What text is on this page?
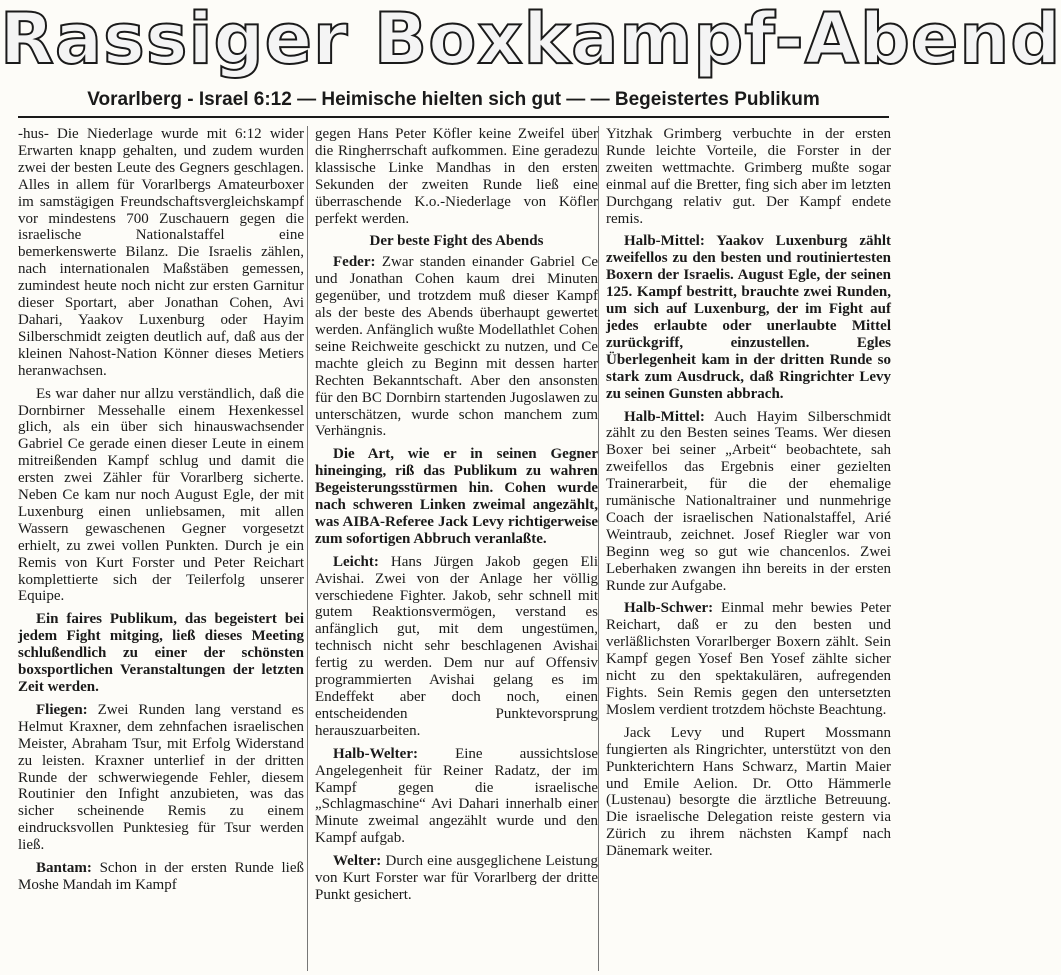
Rassiger Boxkampf-Abend
Vorarlberg - Israel 6:12 — Heimische hielten sich gut — — Begeistertes Publikum

-hus- Die Niederlage wurde mit 6:12 wider Erwarten knapp gehalten, und zudem wurden zwei der besten Leute des Gegners geschlagen. Alles in allem für Vorarlbergs Amateurboxer im samstägigen Freundschaftsvergleichskampf vor mindestens 700 Zuschauern gegen die israelische Nationalstaffel eine bemerkenswerte Bilanz. Die Israelis zählen, nach internationalen Maßstäben gemessen, zumindest heute noch nicht zur ersten Garnitur dieser Sportart, aber Jonathan Cohen, Avi Dahari, Yaakov Luxenburg oder Hayim Silberschmidt zeigten deutlich auf, daß aus der kleinen Nahost-Nation Könner dieses Metiers heranwachsen.

Es war daher nur allzu verständlich, daß die Dornbirner Messehalle einem Hexenkessel glich, als ein über sich hinauswachsender Gabriel Ce gerade einen dieser Leute in einem mitreißenden Kampf schlug und damit die ersten zwei Zähler für Vorarlberg sicherte. Neben Ce kam nur noch August Egle, der mit Luxenburg einen unliebsamen, mit allen Wassern gewaschenen Gegner vorgesetzt erhielt, zu zwei vollen Punkten. Durch je ein Remis von Kurt Forster und Peter Reichart komplettierte sich der Teilerfolg unserer Equipe.

Ein faires Publikum, das begeistert bei jedem Fight mitging, ließ dieses Meeting schlußendlich zu einer der schönsten boxsportlichen Veranstaltungen der letzten Zeit werden.

Fliegen: Zwei Runden lang verstand es Helmut Kraxner, dem zehnfachen israelischen Meister, Abraham Tsur, mit Erfolg Widerstand zu leisten. Kraxner unterlief in der dritten Runde der schwerwiegende Fehler, diesem Routinier den Infight anzubieten, was das sicher scheinende Remis zu einem eindrucksvollen Punktesieg für Tsur werden ließ.

Bantam: Schon in der ersten Runde ließ Moshe Mandah im Kampf

gegen Hans Peter Köfler keine Zweifel über die Ringherrschaft aufkommen. Eine geradezu klassische Linke Mandhas in den ersten Sekunden der zweiten Runde ließ eine überraschende K.o.-Niederlage von Köfler perfekt werden.

Der beste Fight des Abends

Feder: Zwar standen einander Gabriel Ce und Jonathan Cohen kaum drei Minuten gegenüber, und trotzdem muß dieser Kampf als der beste des Abends überhaupt gewertet werden. Anfänglich wußte Modellathlet Cohen seine Reichweite geschickt zu nutzen, und Ce machte gleich zu Beginn mit dessen harter Rechten Bekanntschaft. Aber den ansonsten für den BC Dornbirn startenden Jugoslawen zu unterschätzen, wurde schon manchem zum Verhängnis.

Die Art, wie er in seinen Gegner hineinging, riß das Publikum zu wahren Begeisterungsstürmen hin. Cohen wurde nach schweren Linken zweimal angezählt, was AIBA-Referee Jack Levy richtigerweise zum sofortigen Abbruch veranlaßte.

Leicht: Hans Jürgen Jakob gegen Eli Avishai. Zwei von der Anlage her völlig verschiedene Fighter. Jakob, sehr schnell mit gutem Reaktionsvermögen, verstand es anfänglich gut, mit dem ungestümen, technisch nicht sehr beschlagenen Avishai fertig zu werden. Dem nur auf Offensiv programmierten Avishai gelang es im Endeffekt aber doch noch, einen entscheidenden Punktevorsprung herauszuarbeiten.

Halb-Welter: Eine aussichtslose Angelegenheit für Reiner Radatz, der im Kampf gegen die israelische „Schlagmaschine“ Avi Dahari innerhalb einer Minute zweimal angezählt wurde und den Kampf aufgab.

Welter: Durch eine ausgeglichene Leistung von Kurt Forster war für Vorarlberg der dritte Punkt gesichert.

Yitzhak Grimberg verbuchte in der ersten Runde leichte Vorteile, die Forster in der zweiten wettmachte. Grimberg mußte sogar einmal auf die Bretter, fing sich aber im letzten Durchgang relativ gut. Der Kampf endete remis.

Halb-Mittel: Yaakov Luxenburg zählt zweifellos zu den besten und routiniertesten Boxern der Israelis. August Egle, der seinen 125. Kampf bestritt, brauchte zwei Runden, um sich auf Luxenburg, der im Fight auf jedes erlaubte oder unerlaubte Mittel zurückgriff, einzustellen. Egles Überlegenheit kam in der dritten Runde so stark zum Ausdruck, daß Ringrichter Levy zu seinen Gunsten abbrach.

Halb-Mittel: Auch Hayim Silberschmidt zählt zu den Besten seines Teams. Wer diesen Boxer bei seiner „Arbeit“ beobachtete, sah zweifellos das Ergebnis einer gezielten Trainerarbeit, für die der ehemalige rumänische Nationaltrainer und nunmehrige Coach der israelischen Nationalstaffel, Arié Weintraub, zeichnet. Josef Riegler war von Beginn weg so gut wie chancenlos. Zwei Leberhaken zwangen ihn bereits in der ersten Runde zur Aufgabe.

Halb-Schwer: Einmal mehr bewies Peter Reichart, daß er zu den besten und verläßlichsten Vorarlberger Boxern zählt. Sein Kampf gegen Yosef Ben Yosef zählte sicher nicht zu den spektakulären, aufregenden Fights. Sein Remis gegen den untersetzten Moslem verdient trotzdem höchste Beachtung.

Jack Levy und Rupert Mossmann fungierten als Ringrichter, unterstützt von den Punkterichtern Hans Schwarz, Martin Maier und Emile Aelion. Dr. Otto Hämmerle (Lustenau) besorgte die ärztliche Betreuung. Die israelische Delegation reiste gestern via Zürich zu ihrem nächsten Kampf nach Dänemark weiter.
